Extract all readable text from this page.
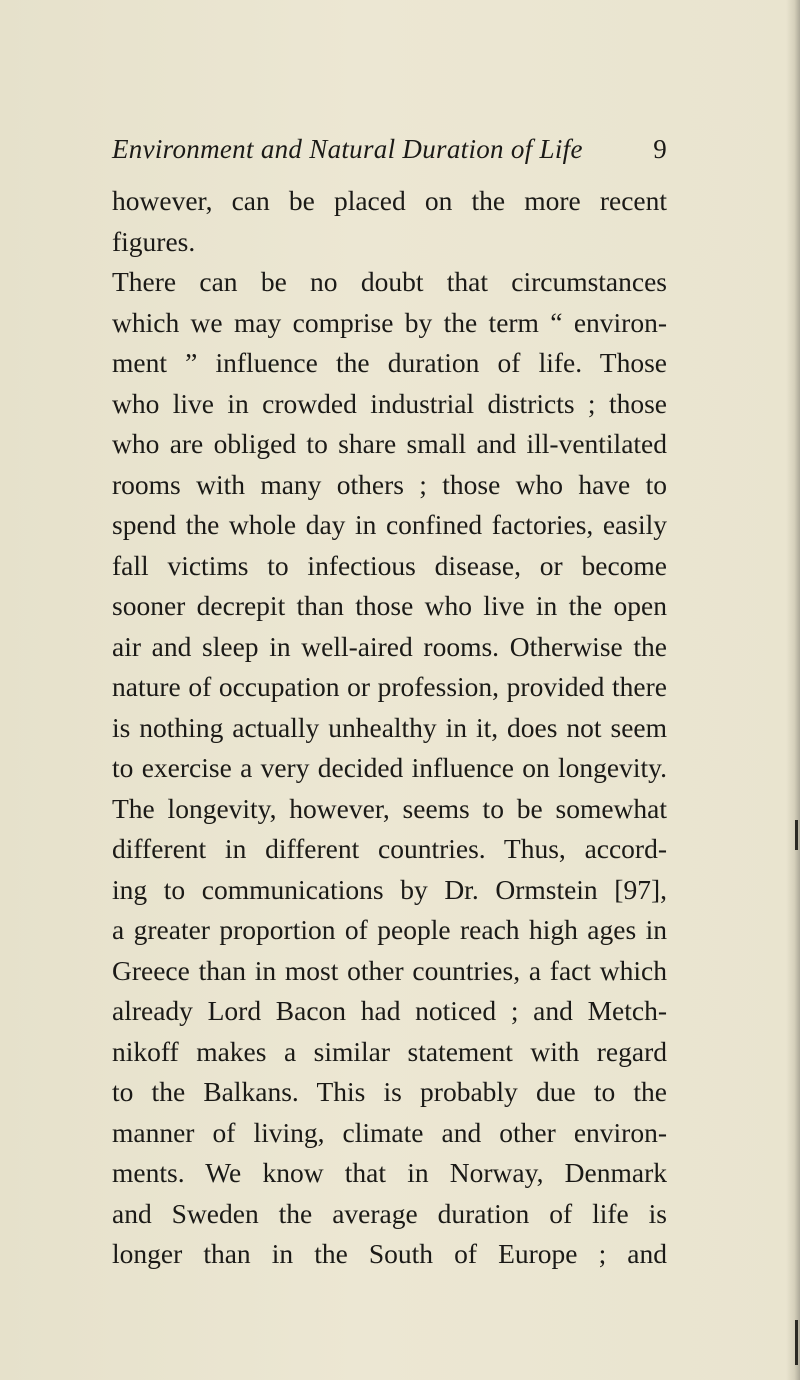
Environment and Natural Duration of Life	9
however, can be placed on the more recent
figures.
There can be no doubt that circumstances
which we may comprise by the term “ environ-
ment ” influence the duration of life. Those
who live in crowded industrial districts ; those
who are obliged to share small and ill-ventilated
rooms with many others ; those who have to
spend the whole day in confined factories, easily
fall victims to infectious disease, or become
sooner decrepit than those who live in the open
air and sleep in well-aired rooms. Otherwise the
nature of occupation or profession, provided there
is nothing actually unhealthy in it, does not seem
to exercise a very decided influence on longevity.
The longevity, however, seems to be somewhat
different in different countries. Thus, accord-
ing to communications by Dr. Ormstein [97],
a greater proportion of people reach high ages in
Greece than in most other countries, a fact which
already Lord Bacon had noticed ; and Metch-
nikoff makes a similar statement with regard
to the Balkans. This is probably due to the
manner of living, climate and other environ-
ments. We know that in Norway, Denmark
and Sweden the average duration of life is
longer than in the South of Europe ; and
